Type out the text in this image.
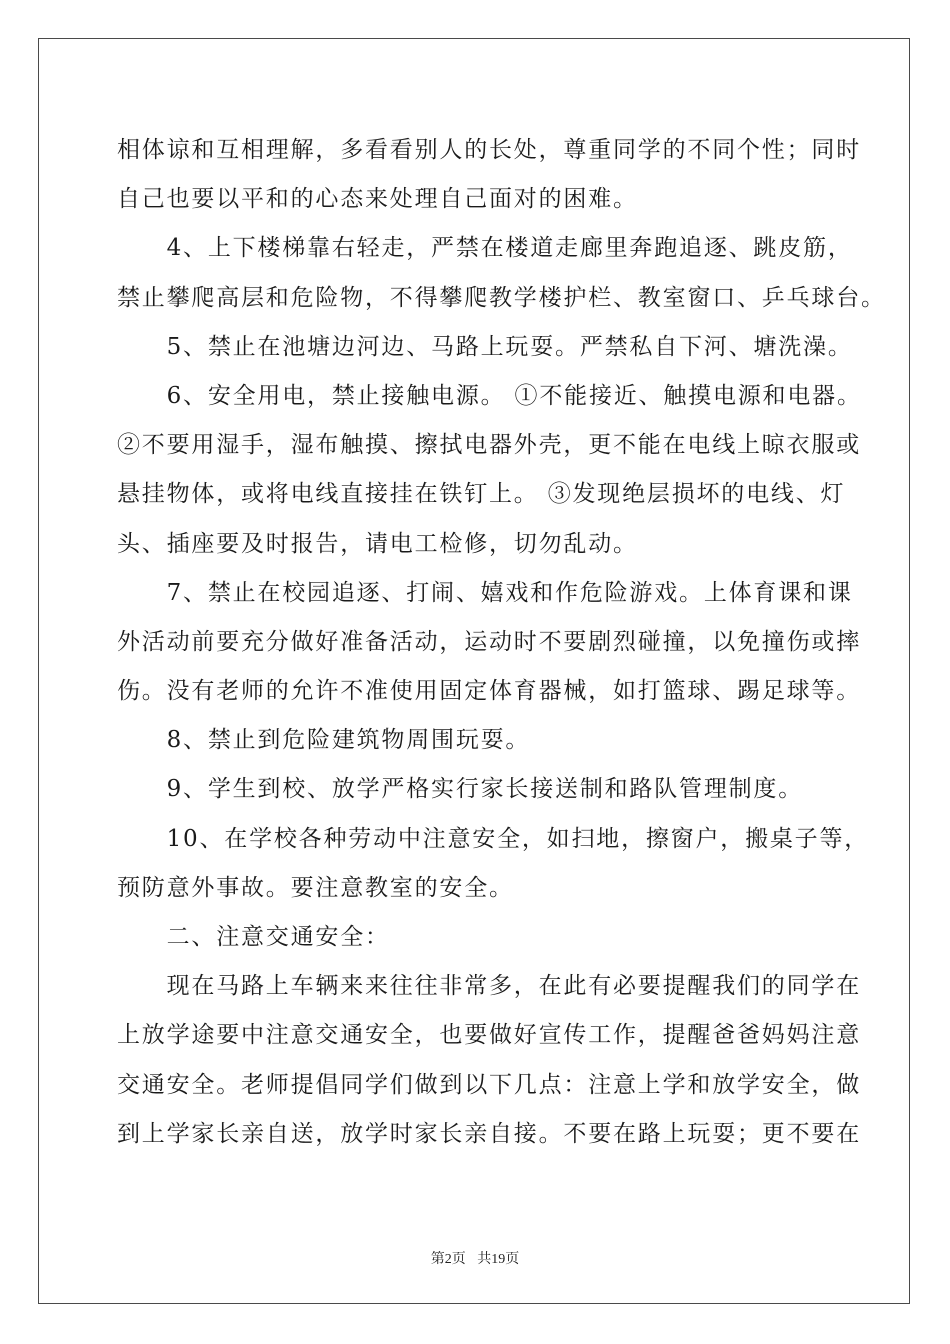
相体谅和互相理解，多看看别人的长处，尊重同学的不同个性；同时
自己也要以平和的心态来处理自己面对的困难。
　　4、上下楼梯靠右轻走，严禁在楼道走廊里奔跑追逐、跳皮筋，
禁止攀爬高层和危险物，不得攀爬教学楼护栏、教室窗口、乒乓球台。
　　5、禁止在池塘边河边、马路上玩耍。严禁私自下河、塘洗澡。
　　6、安全用电，禁止接触电源。 ①不能接近、触摸电源和电器。
②不要用湿手，湿布触摸、擦拭电器外壳，更不能在电线上晾衣服或
悬挂物体，或将电线直接挂在铁钉上。 ③发现绝层损坏的电线、灯
头、插座要及时报告，请电工检修，切勿乱动。
　　7、禁止在校园追逐、打闹、嬉戏和作危险游戏。上体育课和课
外活动前要充分做好准备活动，运动时不要剧烈碰撞，以免撞伤或摔
伤。没有老师的允许不准使用固定体育器械，如打篮球、踢足球等。
　　8、禁止到危险建筑物周围玩耍。
　　9、学生到校、放学严格实行家长接送制和路队管理制度。
　　10、在学校各种劳动中注意安全，如扫地，擦窗户，搬桌子等，
预防意外事故。要注意教室的安全。
　　二、注意交通安全：
　　现在马路上车辆来来往往非常多，在此有必要提醒我们的同学在
上放学途要中注意交通安全，也要做好宣传工作，提醒爸爸妈妈注意
交通安全。老师提倡同学们做到以下几点：注意上学和放学安全，做
到上学家长亲自送，放学时家长亲自接。不要在路上玩耍；更不要在
第2页 共19页
